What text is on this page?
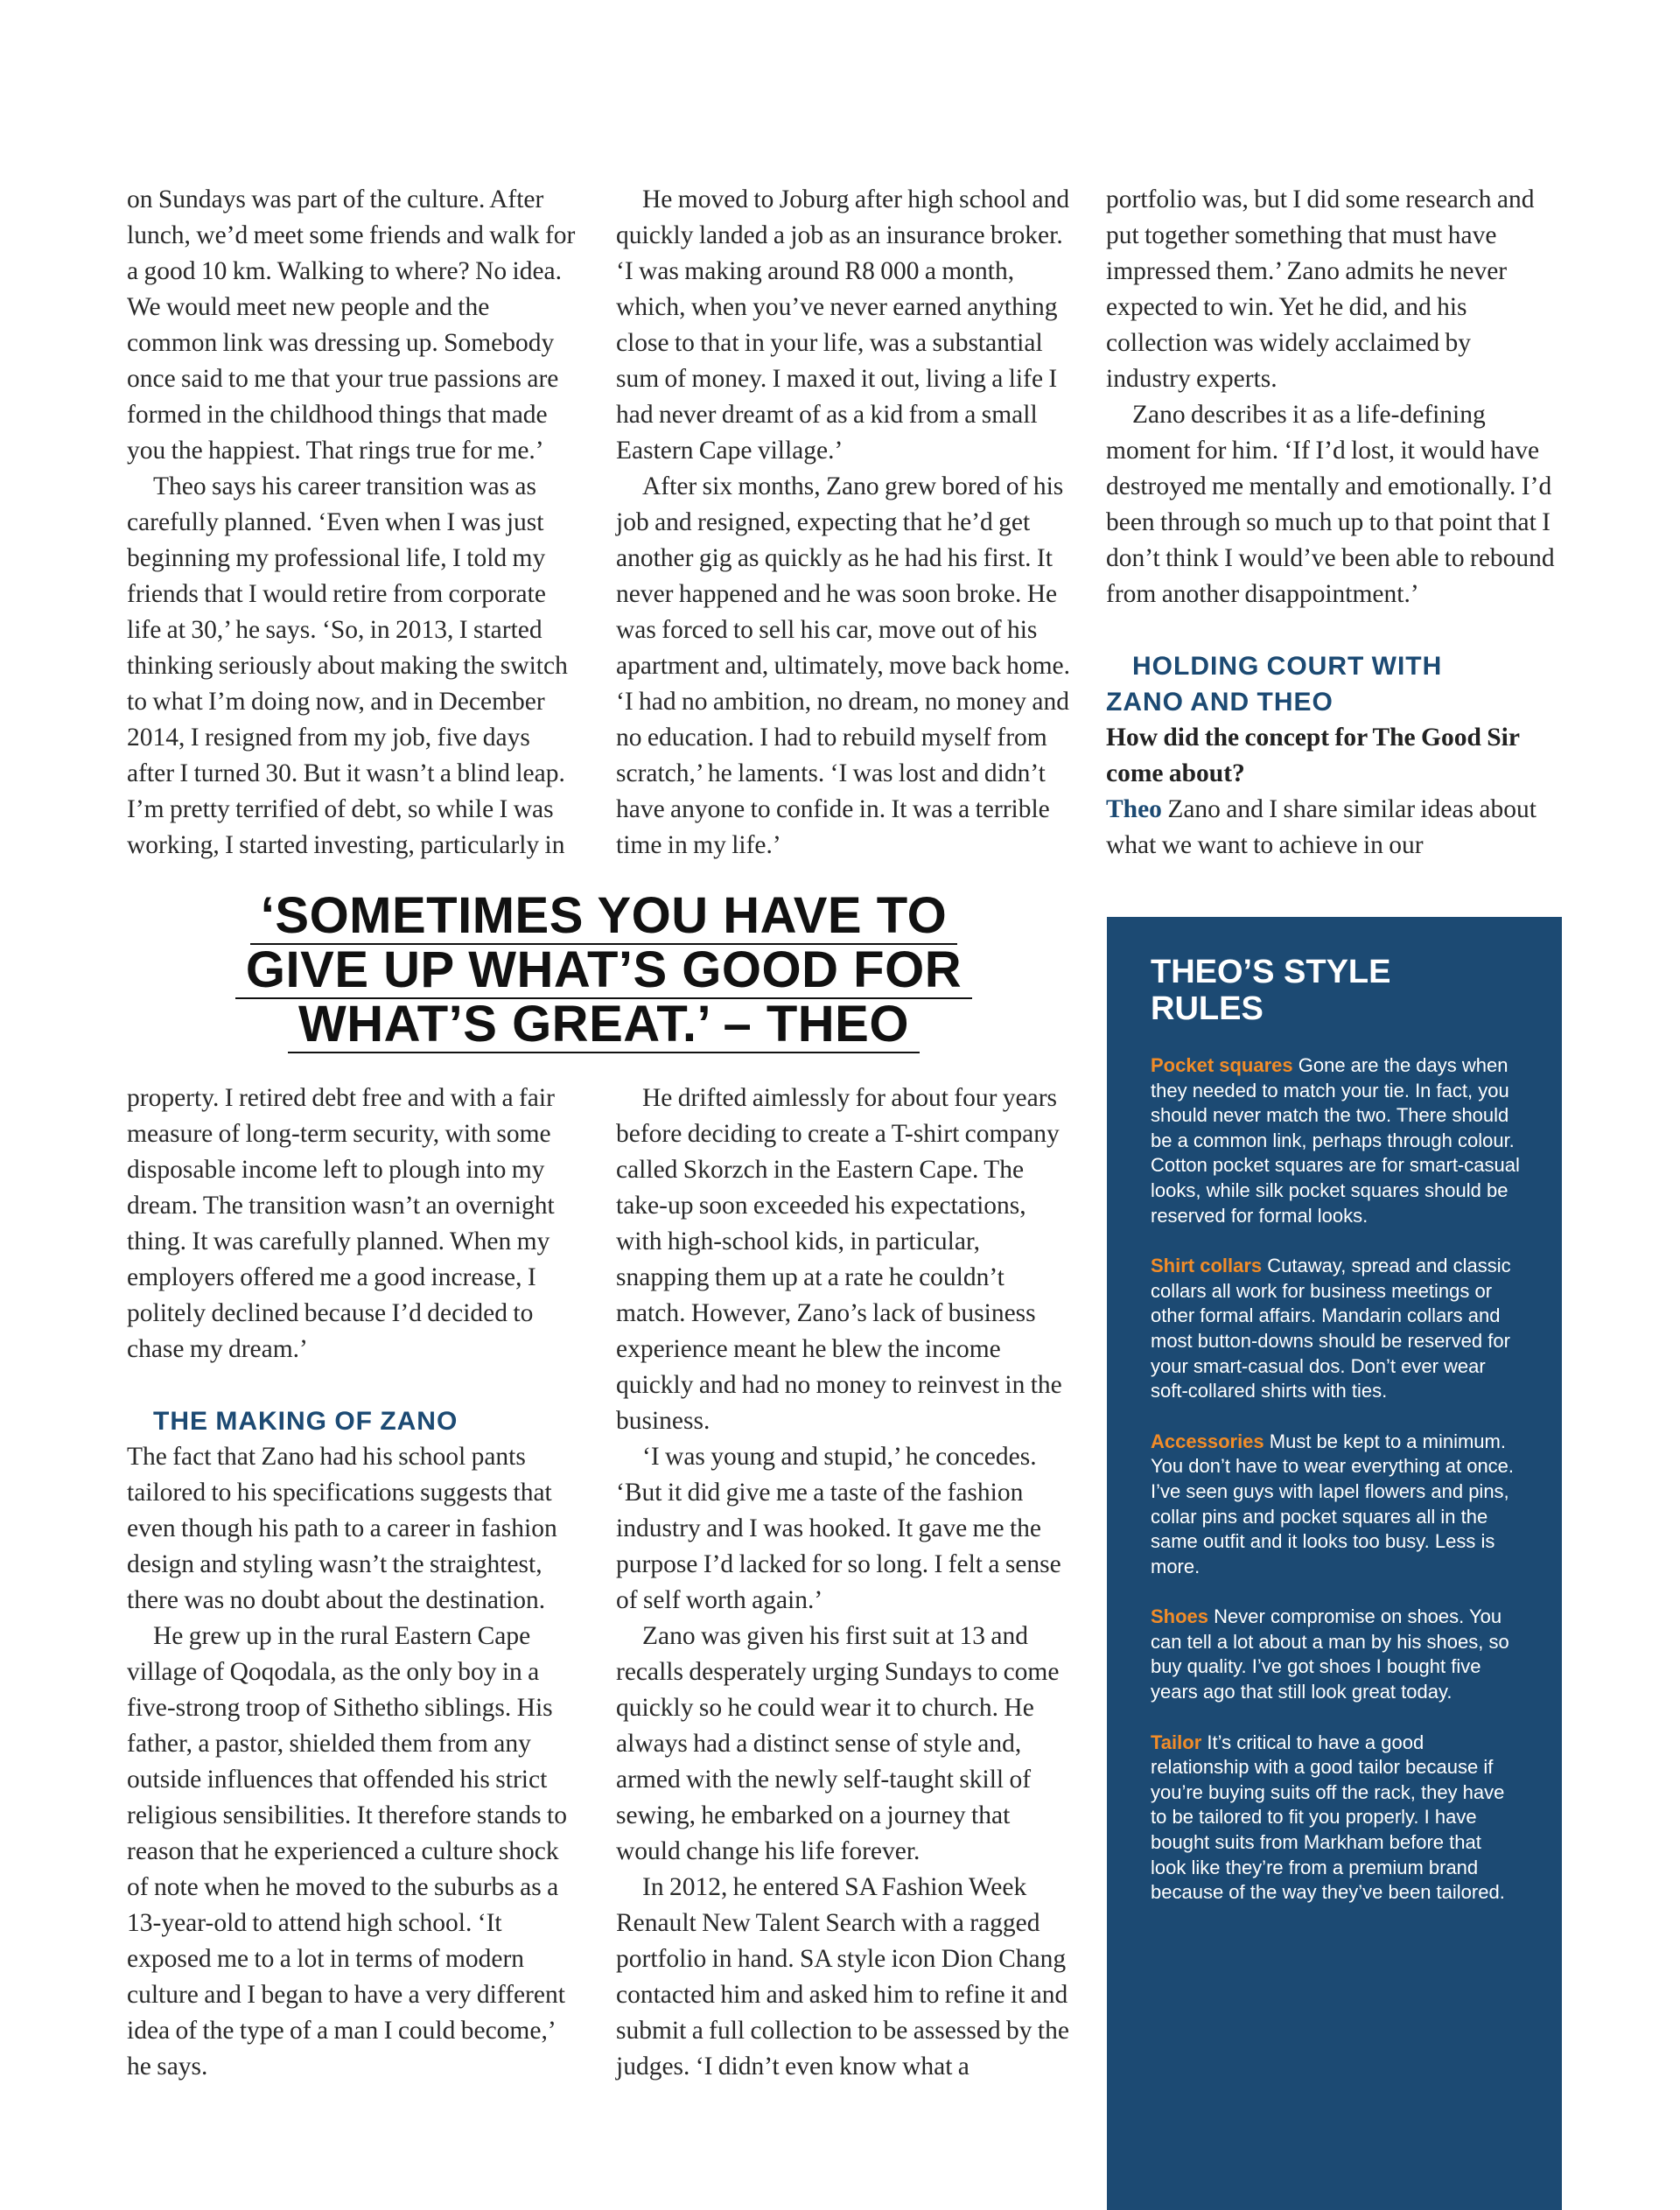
on Sundays was part of the culture. After lunch, we’d meet some friends and walk for a good 10 km. Walking to where? No idea. We would meet new people and the common link was dressing up. Somebody once said to me that your true passions are formed in the childhood things that made you the happiest. That rings true for me.’

Theo says his career transition was as carefully planned. ‘Even when I was just beginning my professional life, I told my friends that I would retire from corporate life at 30,’ he says. ‘So, in 2013, I started thinking seriously about making the switch to what I’m doing now, and in December 2014, I resigned from my job, five days after I turned 30. But it wasn’t a blind leap. I’m pretty terrified of debt, so while I was working, I started investing, particularly in

He moved to Joburg after high school and quickly landed a job as an insurance broker. ‘I was making around R8 000 a month, which, when you’ve never earned anything close to that in your life, was a substantial sum of money. I maxed it out, living a life I had never dreamt of as a kid from a small Eastern Cape village.’

After six months, Zano grew bored of his job and resigned, expecting that he’d get another gig as quickly as he had his first. It never happened and he was soon broke. He was forced to sell his car, move out of his apartment and, ultimately, move back home. ‘I had no ambition, no dream, no money and no education. I had to rebuild myself from scratch,’ he laments. ‘I was lost and didn’t have anyone to confide in. It was a terrible time in my life.’

portfolio was, but I did some research and put together something that must have impressed them.’ Zano admits he never expected to win. Yet he did, and his collection was widely acclaimed by industry experts.

Zano describes it as a life-defining moment for him. ‘If I’d lost, it would have destroyed me mentally and emotionally. I’d been through so much up to that point that I don’t think I would’ve been able to rebound from another disappointment.’

HOLDING COURT WITH
ZANO AND THEO

How did the concept for The Good Sir come about?

Theo Zano and I share similar ideas about what we want to achieve in our

‘SOMETIMES YOU HAVE TO
GIVE UP WHAT’S GOOD FOR
WHAT’S GREAT.’ – THEO

property. I retired debt free and with a fair measure of long-term security, with some disposable income left to plough into my dream. The transition wasn’t an overnight thing. It was carefully planned. When my employers offered me a good increase, I politely declined because I’d decided to chase my dream.’

THE MAKING OF ZANO

The fact that Zano had his school pants tailored to his specifications suggests that even though his path to a career in fashion design and styling wasn’t the straightest, there was no doubt about the destination.

He grew up in the rural Eastern Cape village of Qoqodala, as the only boy in a five-strong troop of Sithetho siblings. His father, a pastor, shielded them from any outside influences that offended his strict religious sensibilities. It therefore stands to reason that he experienced a culture shock of note when he moved to the suburbs as a 13-year-old to attend high school. ‘It exposed me to a lot in terms of modern culture and I began to have a very different idea of the type of a man I could become,’ he says.

He drifted aimlessly for about four years before deciding to create a T-shirt company called Skorzch in the Eastern Cape. The take-up soon exceeded his expectations, with high-school kids, in particular, snapping them up at a rate he couldn’t match. However, Zano’s lack of business experience meant he blew the income quickly and had no money to reinvest in the business.

‘I was young and stupid,’ he concedes. ‘But it did give me a taste of the fashion industry and I was hooked. It gave me the purpose I’d lacked for so long. I felt a sense of self worth again.’

Zano was given his first suit at 13 and recalls desperately urging Sundays to come quickly so he could wear it to church. He always had a distinct sense of style and, armed with the newly self-taught skill of sewing, he embarked on a journey that would change his life forever.

In 2012, he entered SA Fashion Week Renault New Talent Search with a ragged portfolio in hand. SA style icon Dion Chang contacted him and asked him to refine it and submit a full collection to be assessed by the judges. ‘I didn’t even know what a

THEO’S STYLE
RULES

Pocket squares Gone are the days when they needed to match your tie. In fact, you should never match the two. There should be a common link, perhaps through colour. Cotton pocket squares are for smart-casual looks, while silk pocket squares should be reserved for formal looks.

Shirt collars Cutaway, spread and classic collars all work for business meetings or other formal affairs. Mandarin collars and most button-downs should be reserved for your smart-casual dos. Don’t ever wear soft-collared shirts with ties.

Accessories Must be kept to a minimum. You don’t have to wear everything at once. I’ve seen guys with lapel flowers and pins, collar pins and pocket squares all in the same outfit and it looks too busy. Less is more.

Shoes Never compromise on shoes. You can tell a lot about a man by his shoes, so buy quality. I’ve got shoes I bought five years ago that still look great today.

Tailor It’s critical to have a good relationship with a good tailor because if you’re buying suits off the rack, they have to be tailored to fit you properly. I have bought suits from Markham before that look like they’re from a premium brand because of the way they’ve been tailored.
